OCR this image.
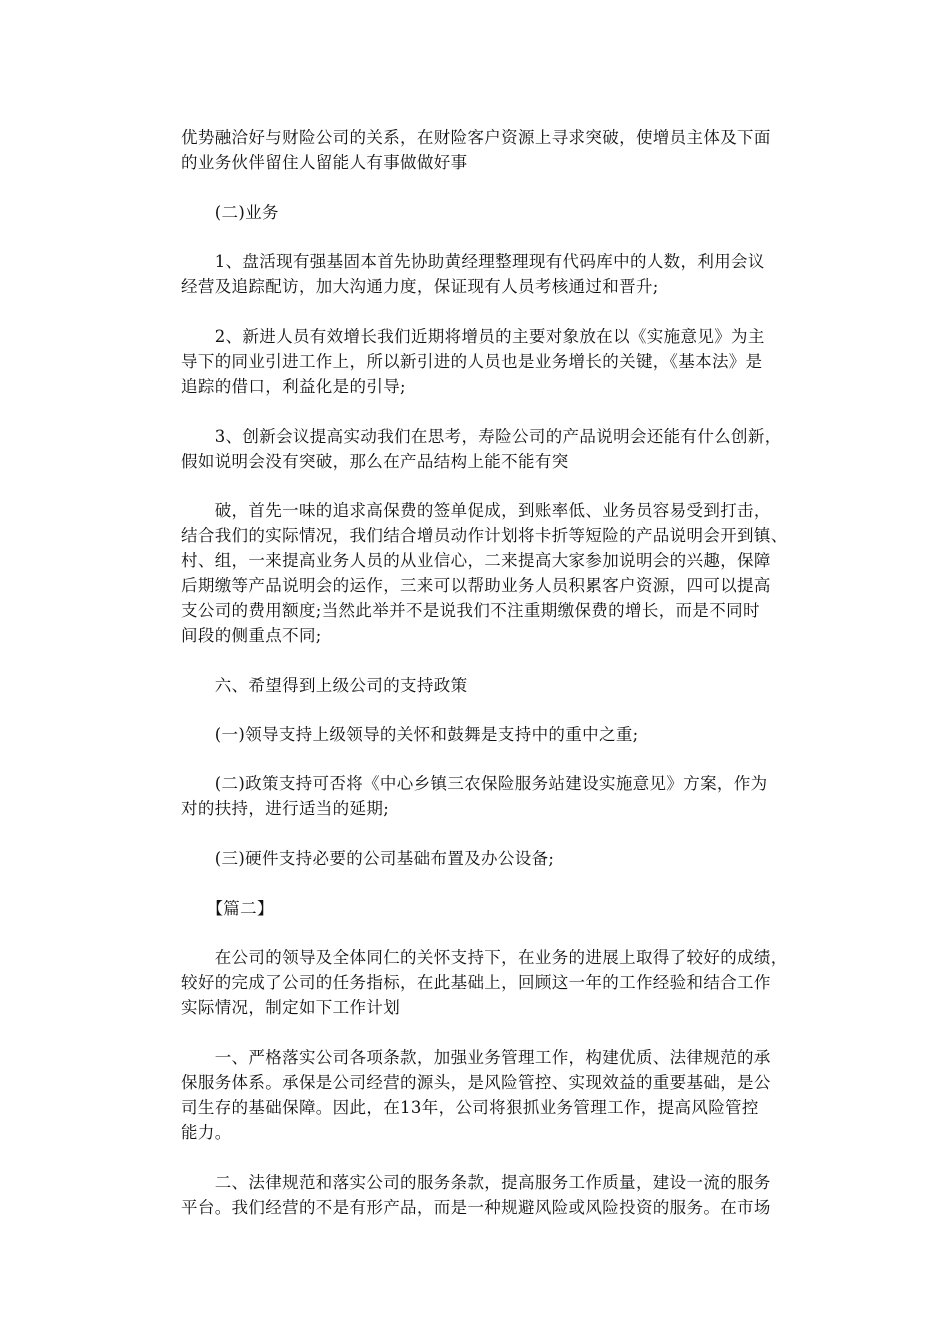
优势融洽好与财险公司的关系，在财险客户资源上寻求突破，使增员主体及下面
的业务伙伴留住人留能人有事做做好事

　　(二)业务

　　1、盘活现有强基固本首先协助黄经理整理现有代码库中的人数，利用会议
经营及追踪配访，加大沟通力度，保证现有人员考核通过和晋升;

　　2、新进人员有效增长我们近期将增员的主要对象放在以《实施意见》为主
导下的同业引进工作上，所以新引进的人员也是业务增长的关键，《基本法》是
追踪的借口，利益化是的引导;

　　3、创新会议提高实动我们在思考，寿险公司的产品说明会还能有什么创新，
假如说明会没有突破，那么在产品结构上能不能有突

　　破，首先一味的追求高保费的签单促成，到账率低、业务员容易受到打击，
结合我们的实际情况，我们结合增员动作计划将卡折等短险的产品说明会开到镇、
村、组，一来提高业务人员的从业信心，二来提高大家参加说明会的兴趣，保障
后期缴等产品说明会的运作，三来可以帮助业务人员积累客户资源，四可以提高
支公司的费用额度;当然此举并不是说我们不注重期缴保费的增长，而是不同时
间段的侧重点不同;

　　六、希望得到上级公司的支持政策

　　(一)领导支持上级领导的关怀和鼓舞是支持中的重中之重;

　　(二)政策支持可否将《中心乡镇三农保险服务站建设实施意见》方案，作为
对的扶持，进行适当的延期;

　　(三)硬件支持必要的公司基础布置及办公设备;

　　【篇二】

　　在公司的领导及全体同仁的关怀支持下，在业务的进展上取得了较好的成绩，
较好的完成了公司的任务指标，在此基础上，回顾这一年的工作经验和结合工作
实际情况，制定如下工作计划

　　一、严格落实公司各项条款，加强业务管理工作，构建优质、法律规范的承
保服务体系。承保是公司经营的源头，是风险管控、实现效益的重要基础，是公
司生存的基础保障。因此，在13年，公司将狠抓业务管理工作，提高风险管控
能力。

　　二、法律规范和落实公司的服务条款，提高服务工作质量，建设一流的服务
平台。我们经营的不是有形产品，而是一种规避风险或风险投资的服务。在市场
